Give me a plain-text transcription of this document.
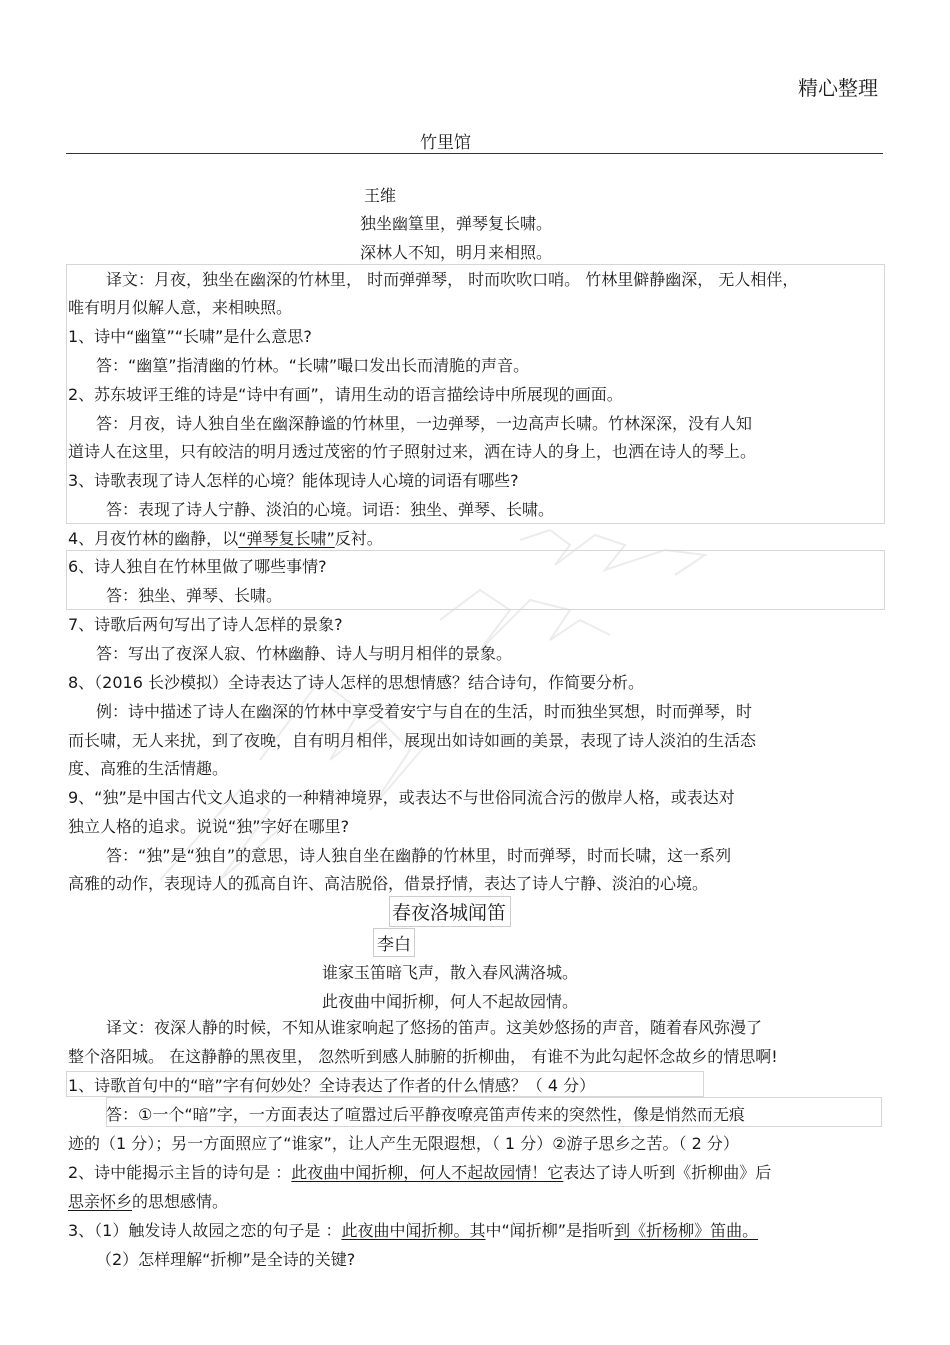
精心整理
竹里馆
王维
独坐幽篁里，弹琴复长啸。
深林人不知，明月来相照。
译文：月夜，独坐在幽深的竹林里， 时而弹弹琴， 时而吹吹口哨。 竹林里僻静幽深， 无人相伴，
唯有明月似解人意，来相映照。
1、诗中“幽篁”“长啸”是什么意思?
答：“幽篁”指清幽的竹林。“长啸”嘬口发出长而清脆的声音。
2、苏东坡评王维的诗是“诗中有画”，请用生动的语言描绘诗中所展现的画面。
答：月夜，诗人独自坐在幽深静谧的竹林里，一边弹琴，一边高声长啸。竹林深深，没有人知
道诗人在这里，只有皎洁的明月透过茂密的竹子照射过来，洒在诗人的身上，也洒在诗人的琴上。
3、诗歌表现了诗人怎样的心境？能体现诗人心境的词语有哪些?
答：表现了诗人宁静、淡泊的心境。词语：独坐、弹琴、长啸。
4、月夜竹林的幽静，以“弹琴复长啸”反衬。
6、诗人独自在竹林里做了哪些事情?
答：独坐、弹琴、长啸。
7、诗歌后两句写出了诗人怎样的景象?
答：写出了夜深人寂、竹林幽静、诗人与明月相伴的景象。
8、（2016 长沙模拟）全诗表达了诗人怎样的思想情感？结合诗句，作简要分析。
例：诗中描述了诗人在幽深的竹林中享受着安宁与自在的生活，时而独坐冥想，时而弹琴，时
而长啸，无人来扰，到了夜晚，自有明月相伴，展现出如诗如画的美景，表现了诗人淡泊的生活态
度、高雅的生活情趣。
9、“独”是中国古代文人追求的一种精神境界，或表达不与世俗同流合污的傲岸人格，或表达对
独立人格的追求。说说“独”字好在哪里?
答：“独”是“独自”的意思，诗人独自坐在幽静的竹林里，时而弹琴，时而长啸，这一系列
高雅的动作，表现诗人的孤高自许、高洁脱俗，借景抒情，表达了诗人宁静、淡泊的心境。
春夜洛城闻笛
李白
谁家玉笛暗飞声，散入春风满洛城。
此夜曲中闻折柳，何人不起故园情。
译文：夜深人静的时候，不知从谁家响起了悠扬的笛声。这美妙悠扬的声音，随着春风弥漫了
整个洛阳城。 在这静静的黑夜里， 忽然听到感人肺腑的折柳曲， 有谁不为此勾起怀念故乡的情思啊!
1、诗歌首句中的“暗”字有何妙处？全诗表达了作者的什么情感？（ 4 分）
答：①一个“暗”字，一方面表达了喧嚣过后平静夜嘹亮笛声传来的突然性，像是悄然而无痕
迹的（1 分）；另一方面照应了“谁家”，让人产生无限遐想，（ 1 分）②游子思乡之苦。（ 2 分）
2、诗中能揭示主旨的诗句是 ：此夜曲中闻折柳，何人不起故园情！它表达了诗人听到《折柳曲》后
思亲怀乡的思想感情。
3、（1）触发诗人故园之恋的句子是 ：此夜曲中闻折柳。其中“闻折柳”是指听到《折杨柳》笛曲。
（2）怎样理解“折柳”是全诗的关键?
